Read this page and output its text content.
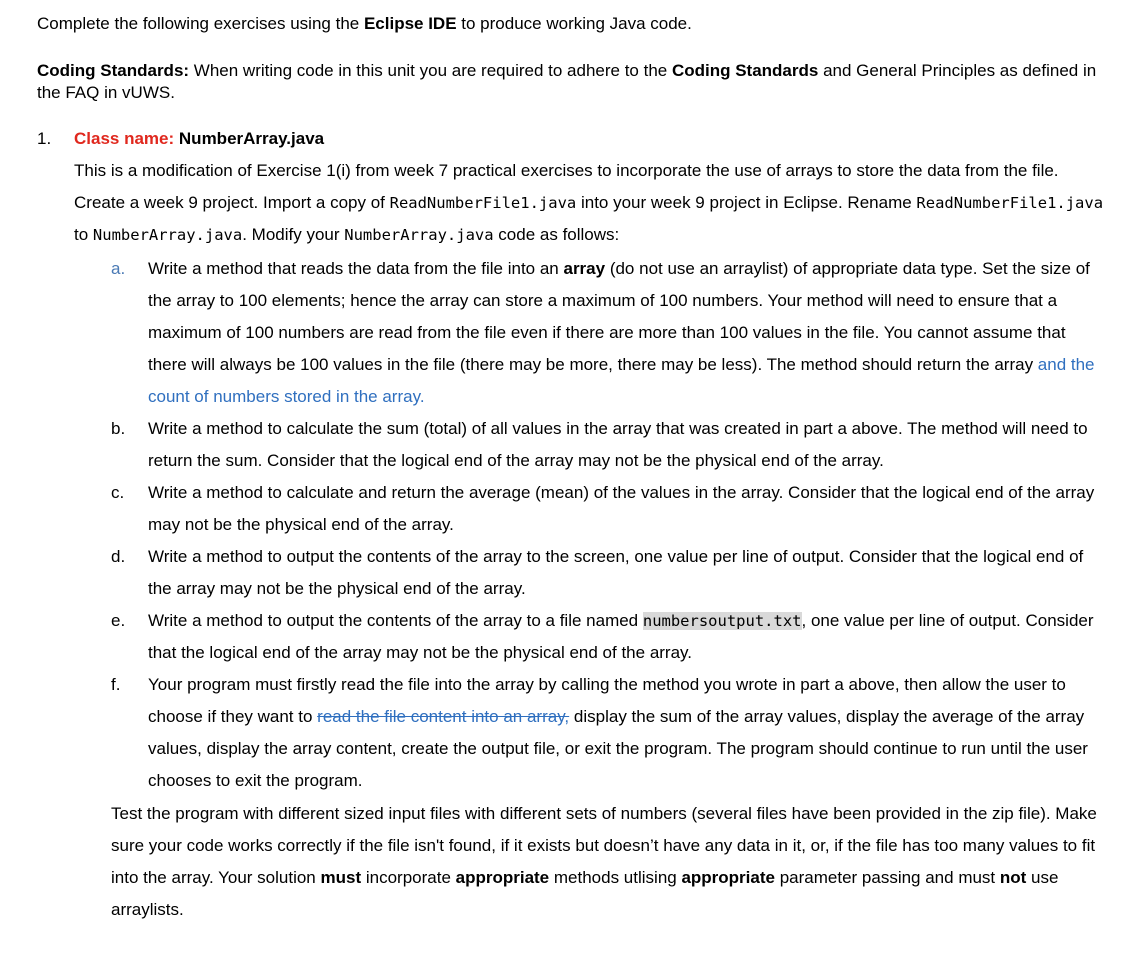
Complete the following exercises using the Eclipse IDE to produce working Java code.
Coding Standards: When writing code in this unit you are required to adhere to the Coding Standards and General Principles as defined in the FAQ in vUWS.
1. Class name: NumberArray.java
This is a modification of Exercise 1(i) from week 7 practical exercises to incorporate the use of arrays to store the data from the file. Create a week 9 project. Import a copy of ReadNumberFile1.java into your week 9 project in Eclipse. Rename ReadNumberFile1.java to NumberArray.java. Modify your NumberArray.java code as follows:
a. Write a method that reads the data from the file into an array (do not use an arraylist) of appropriate data type. Set the size of the array to 100 elements; hence the array can store a maximum of 100 numbers. Your method will need to ensure that a maximum of 100 numbers are read from the file even if there are more than 100 values in the file. You cannot assume that there will always be 100 values in the file (there may be more, there may be less). The method should return the array and the count of numbers stored in the array.
b. Write a method to calculate the sum (total) of all values in the array that was created in part a above. The method will need to return the sum. Consider that the logical end of the array may not be the physical end of the array.
c. Write a method to calculate and return the average (mean) of the values in the array. Consider that the logical end of the array may not be the physical end of the array.
d. Write a method to output the contents of the array to the screen, one value per line of output. Consider that the logical end of the array may not be the physical end of the array.
e. Write a method to output the contents of the array to a file named numbersoutput.txt, one value per line of output. Consider that the logical end of the array may not be the physical end of the array.
f. Your program must firstly read the file into the array by calling the method you wrote in part a above, then allow the user to choose if they want to read the file content into an array, display the sum of the array values, display the average of the array values, display the array content, create the output file, or exit the program. The program should continue to run until the user chooses to exit the program.
Test the program with different sized input files with different sets of numbers (several files have been provided in the zip file). Make sure your code works correctly if the file isn't found, if it exists but doesn’t have any data in it, or, if the file has too many values to fit into the array. Your solution must incorporate appropriate methods utlising appropriate parameter passing and must not use arraylists.
